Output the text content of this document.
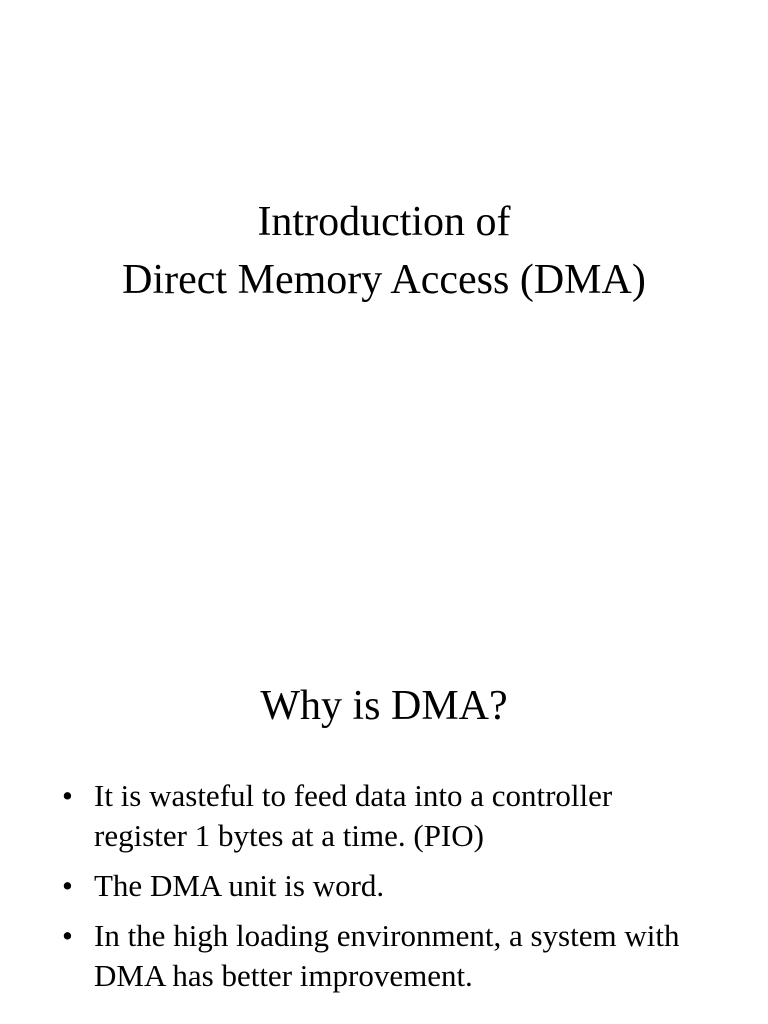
Introduction of
Direct Memory Access (DMA)
Why is DMA?
• It is wasteful to feed data into a controller register 1 bytes at a time. (PIO)
• The DMA unit is word.
• In the high loading environment, a system with DMA has better improvement.
